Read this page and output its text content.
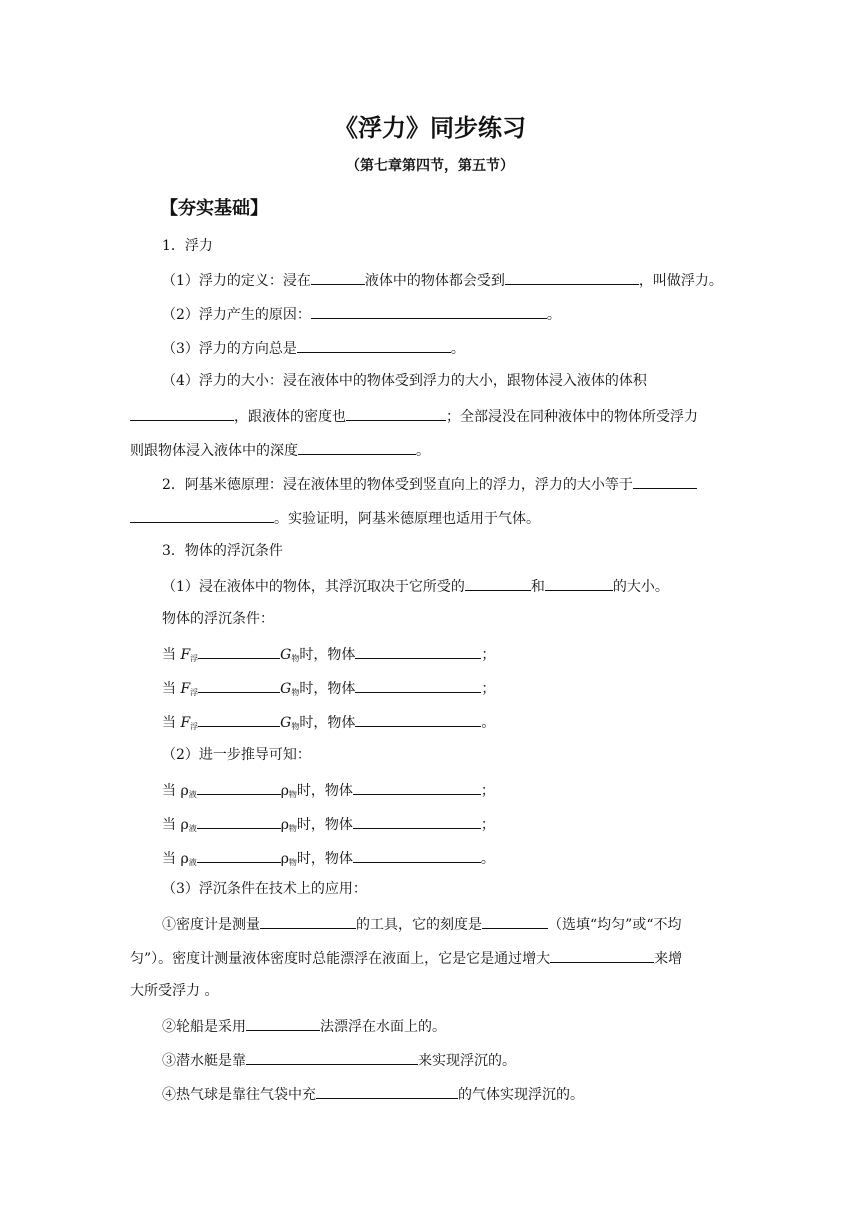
《浮力》同步练习
（第七章第四节，第五节）
【夯实基础】
1．浮力
（1）浮力的定义：浸在	液体中的物体都会受到	，叫做浮力。
（2）浮力产生的原因：	。
（3）浮力的方向总是	。
（4）浮力的大小：浸在液体中的物体受到浮力的大小，跟物体浸入液体的体积
，跟液体的密度也	；全部浸没在同种液体中的物体所受浮力
则跟物体浸入液体中的深度	。
2．阿基米德原理：浸在液体里的物体受到竖直向上的浮力，浮力的大小等于
。实验证明，阿基米德原理也适用于气体。
3．物体的浮沉条件
（1）浸在液体中的物体，其浮沉取决于它所受的	和	的大小。
物体的浮沉条件：
当 $F_浮$	$G_物$时，物体	；
当 $F_浮$	$G_物$时，物体	；
当 $F_浮$	$G_物$时，物体	。
（2）进一步推导可知：
当 $\rho_液$	$\rho_物$时，物体	；
当 $\rho_液$	$\rho_物$时，物体	；
当 $\rho_液$	$\rho_物$时，物体	。
（3）浮沉条件在技术上的应用：
①密度计是测量	的工具，它的刻度是	（选填“均匀”或“不均
匀”）。密度计测量液体密度时总能漂浮在液面上，它是它是通过增大	来增
大所受浮力 。
②轮船是采用	法漂浮在水面上的。
③潜水艇是靠	来实现浮沉的。
④热气球是靠往气袋中充	的气体实现浮沉的。
